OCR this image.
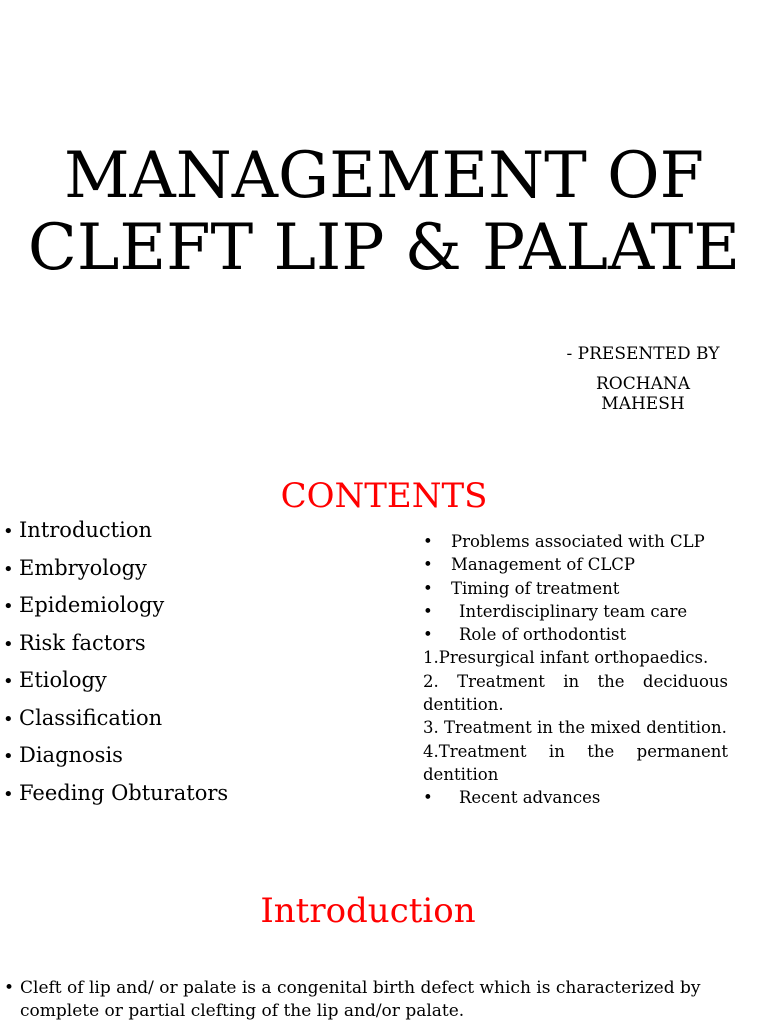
MANAGEMENT OF
CLEFT LIP & PALATE
- PRESENTED BY
ROCHANA MAHESH
CONTENTS
• Introduction
• Embryology
• Epidemiology
• Risk factors
• Etiology
• Classification
• Diagnosis
• Feeding Obturators
• Problems associated with CLP
• Management of CLCP
• Timing of treatment
• Interdisciplinary team care
• Role of orthodontist
1.Presurgical infant orthopaedics.
2. Treatment in the deciduous dentition.
3. Treatment in the mixed dentition.
4.Treatment in the permanent dentition
• Recent advances
Introduction
• Cleft of lip and/ or palate is a congenital birth defect which is characterized by complete or partial clefting of the lip and/or palate.
